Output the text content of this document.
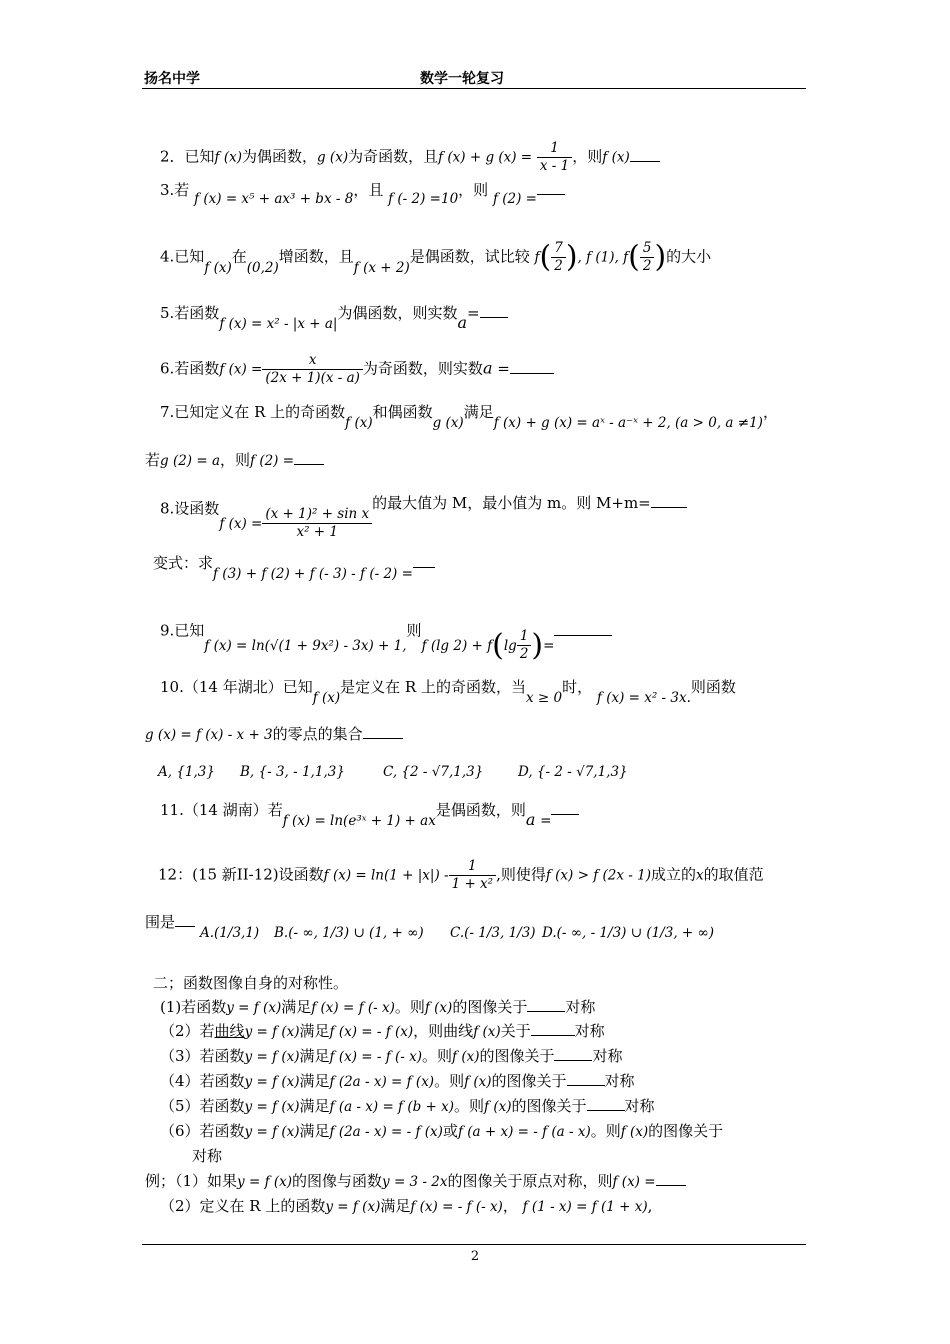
扬名中学	数学一轮复习
2．已知f (x)为偶函数，g (x)为奇函数，且f (x) + g $(x) = \frac{1}{x - 1}$ ，则f (x)
3.若 f (x) = x⁵ + ax³ + bx - 8，且 f (- 2) =10，则 f (2) =
4.已知f (x)在(0,2)增函数，且f (x + 2)是偶函数，试比较 $f( \frac{7}{2}$ ), f (1), $f( \frac{5}{2}$ )的大小
5.若函数f (x) = x² - |x + a|为偶函数，则实数a=
6.若函数f $(x) = \frac{x}{(2x + 1)(x - a)}$ 为奇函数，则实数a =
7.已知定义在 R 上的奇函数f (x)和偶函数g (x)满足f (x) + g (x) = aˣ - a⁻ˣ + 2, (a > 0, a ≠1)，
若g (2) = a，则f (2) =
8.设函数f $(x) = \frac{\text{(x + 1)² + sin x}}{\text{x² + 1}}$
的最大值为 M，最小值为 m。则 M+m=
变式：求f (3) + f (2) + f (- 3) - f (- 2) =
9.已知f (x) = ln(√(1 + 9x²) - 3x) + 1,则f (lg $2) + f(\lg \frac{1}{2}$ )=
10.（14 年湖北）已知f (x)是定义在 R 上的奇函数，当x ≥ 0时， f (x) = x² - 3x.则函数
g (x) = f (x) - x + 3的零点的集合
A, {1,3} B, {- 3, - 1,1,3}	C, {2 - √7,1,3}	D, {- 2 - √7,1,3}
11.（14 湖南）若f (x) = ln(e³ˣ + 1) + ax是偶函数，则a =
12：(15 新II-12)设函数f $(x) = \ln(1 + |x|) - \frac{1}{\text{1 + x²}}$ ,则使得f (x) > f (2x - 1)成立的x的取值范
围是
A.(1/3,1) B.(- ∞, 1/3) ∪ (1, + ∞) C.(- 1/3, 1/3) D.(- ∞, - 1/3) ∪ (1/3, + ∞)
二；函数图像自身的对称性。
(1)若函数y = f (x)满足f (x) = f (- x)。则f (x)的图像关于	对称
（2）若曲线y = f (x)满足f (x) = - f (x)，则曲线f (x)关于	对称
（3）若函数y = f (x)满足f (x) = - f (- x)。则f (x)的图像关于	对称
（4）若函数y = f (x)满足f (2a - x) = f (x)。则f (x)的图像关于	对称
（5）若函数y = f (x)满足f (a - x) = f (b + x)。则f (x)的图像关于	对称
（6）若函数y = f (x)满足f (2a - x) = - f (x)或f (a + x) = - f (a - x)。则f (x)的图像关于
对称
例；（1）如果y = f (x)的图像与函数y = 3 - 2x的图像关于原点对称，则f (x) =
（2）定义在 R 上的函数y = f (x)满足f (x) = - f (- x)， f (1 - x) = f (1 + x),
2
